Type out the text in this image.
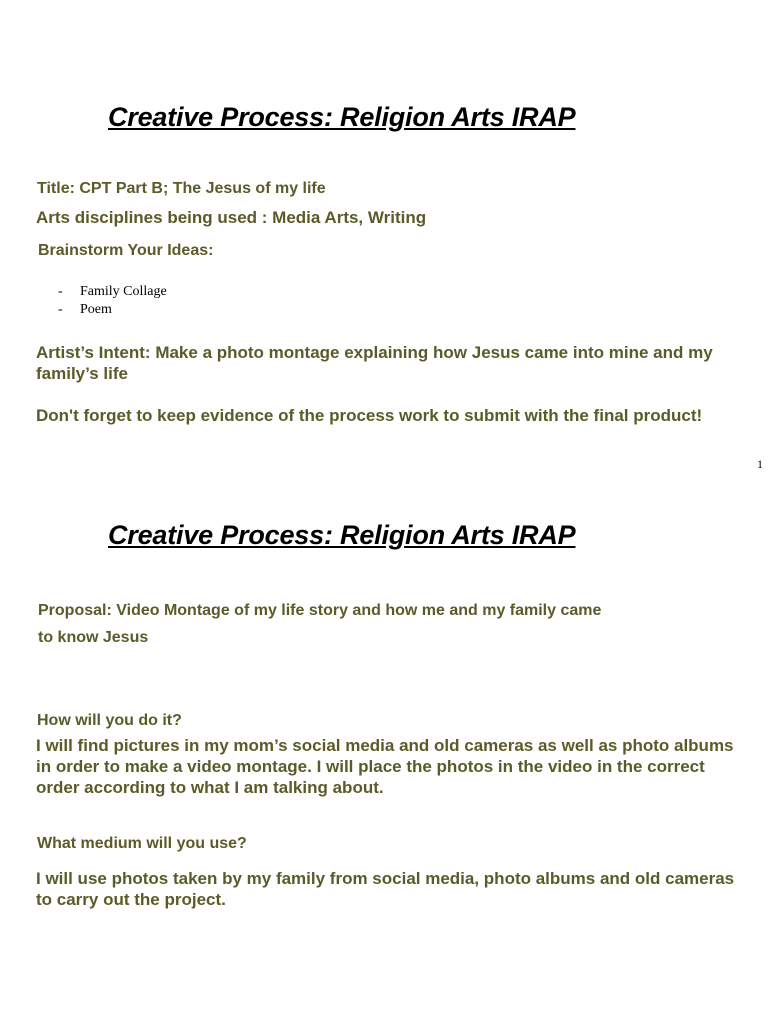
Creative Process: Religion Arts IRAP
Title: CPT Part B; The Jesus of my life
Arts disciplines being used : Media Arts, Writing
Brainstorm Your Ideas:
- Family Collage
- Poem
Artist’s Intent: Make a photo montage explaining how Jesus came into mine and my
family’s life
Don't forget to keep evidence of the process work to submit with the final product!
1
Creative Process: Religion Arts IRAP
Proposal: Video Montage of my life story and how me and my family came
to know Jesus
How will you do it?
I will find pictures in my mom’s social media and old cameras as well as photo albums
in order to make a video montage. I will place the photos in the video in the correct
order according to what I am talking about.
What medium will you use?
I will use photos taken by my family from social media, photo albums and old cameras
to carry out the project.
